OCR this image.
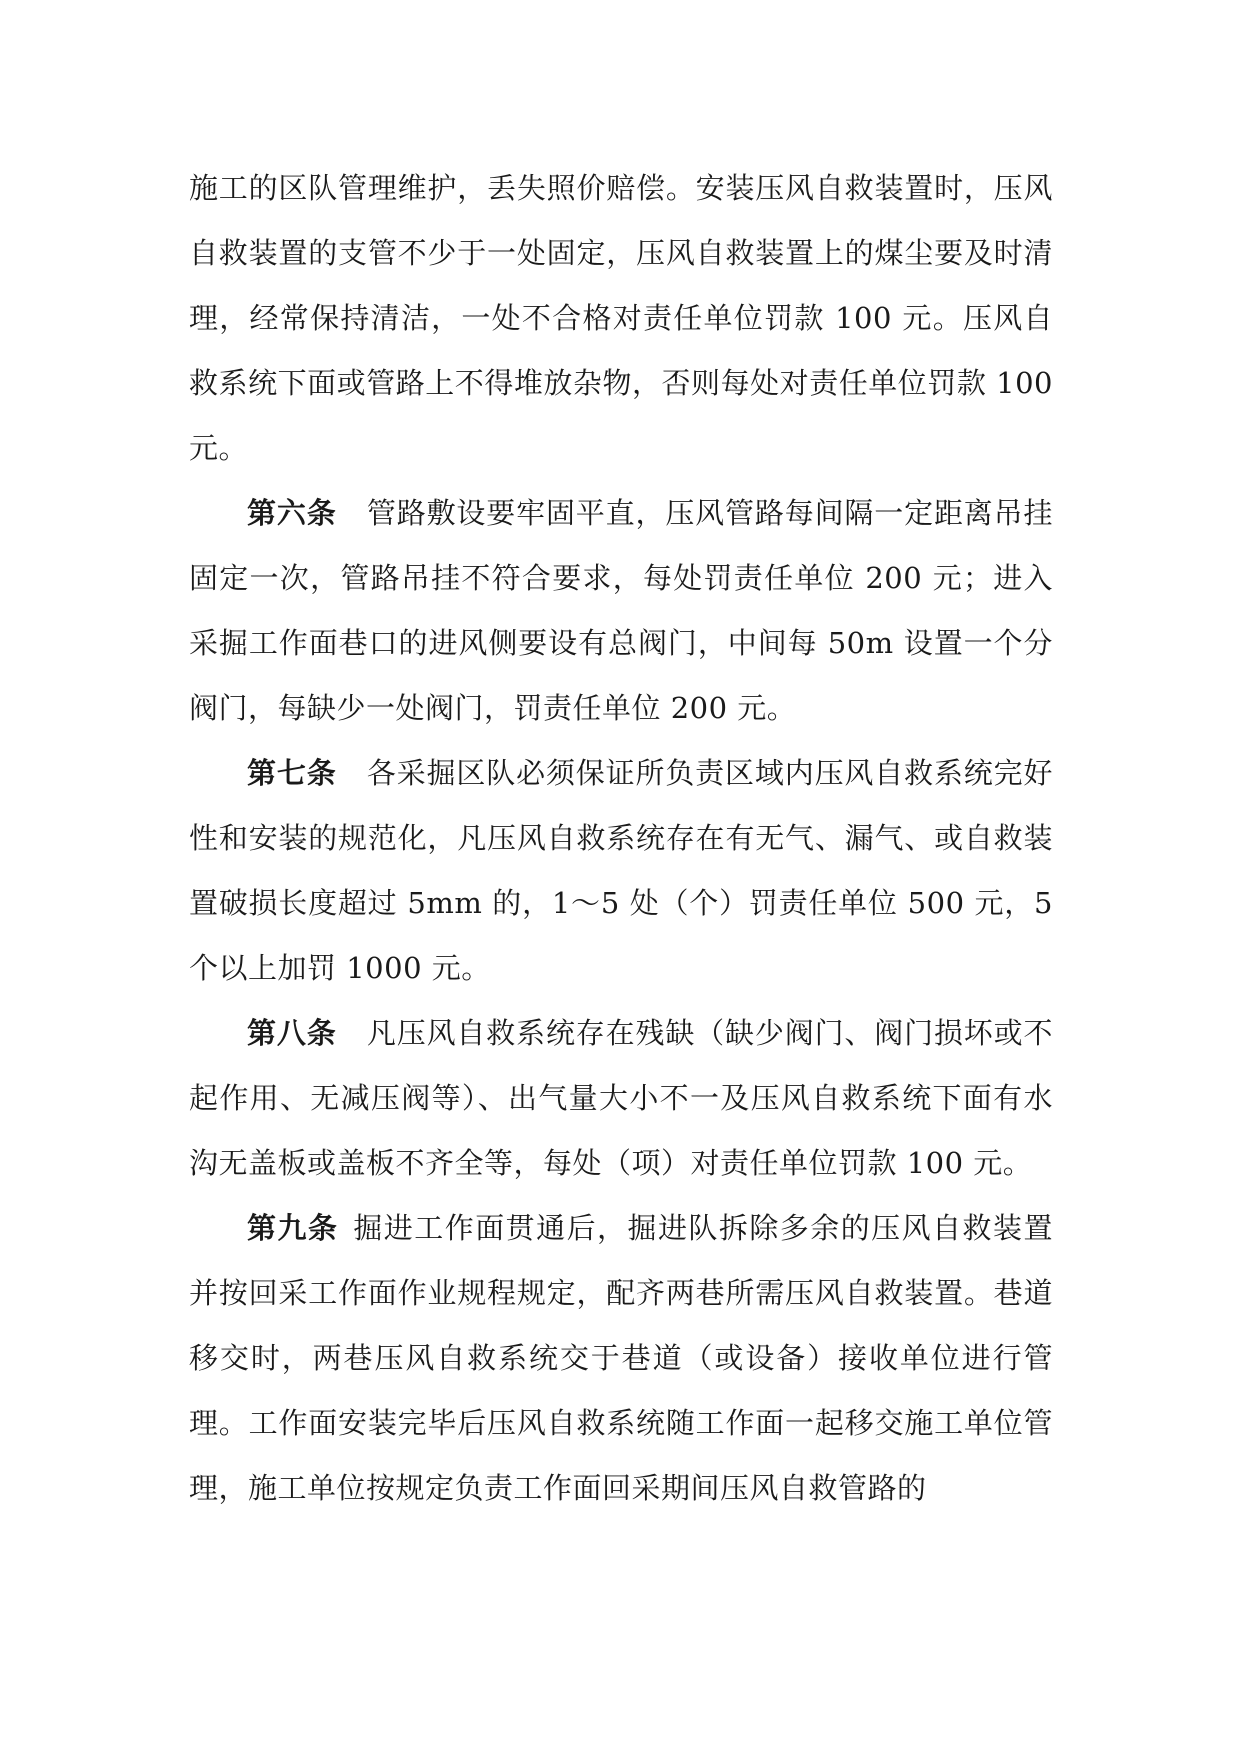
施工的区队管理维护，丢失照价赔偿。安装压风自救装置时，压风自救装置的支管不少于一处固定，压风自救装置上的煤尘要及时清理，经常保持清洁，一处不合格对责任单位罚款 100 元。压风自救系统下面或管路上不得堆放杂物，否则每处对责任单位罚款 100 元。

第六条 管路敷设要牢固平直，压风管路每间隔一定距离吊挂固定一次，管路吊挂不符合要求，每处罚责任单位 200 元；进入采掘工作面巷口的进风侧要设有总阀门，中间每 50m 设置一个分阀门，每缺少一处阀门，罚责任单位 200 元。

第七条 各采掘区队必须保证所负责区域内压风自救系统完好性和安装的规范化，凡压风自救系统存在有无气、漏气、或自救装置破损长度超过 5mm 的，1～5 处（个）罚责任单位 500 元，5 个以上加罚 1000 元。

第八条 凡压风自救系统存在残缺（缺少阀门、阀门损坏或不起作用、无减压阀等）、出气量大小不一及压风自救系统下面有水沟无盖板或盖板不齐全等，每处（项）对责任单位罚款 100 元。

第九条 掘进工作面贯通后，掘进队拆除多余的压风自救装置并按回采工作面作业规程规定，配齐两巷所需压风自救装置。巷道移交时，两巷压风自救系统交于巷道（或设备）接收单位进行管理。工作面安装完毕后压风自救系统随工作面一起移交施工单位管理，施工单位按规定负责工作面回采期间压风自救管路的
